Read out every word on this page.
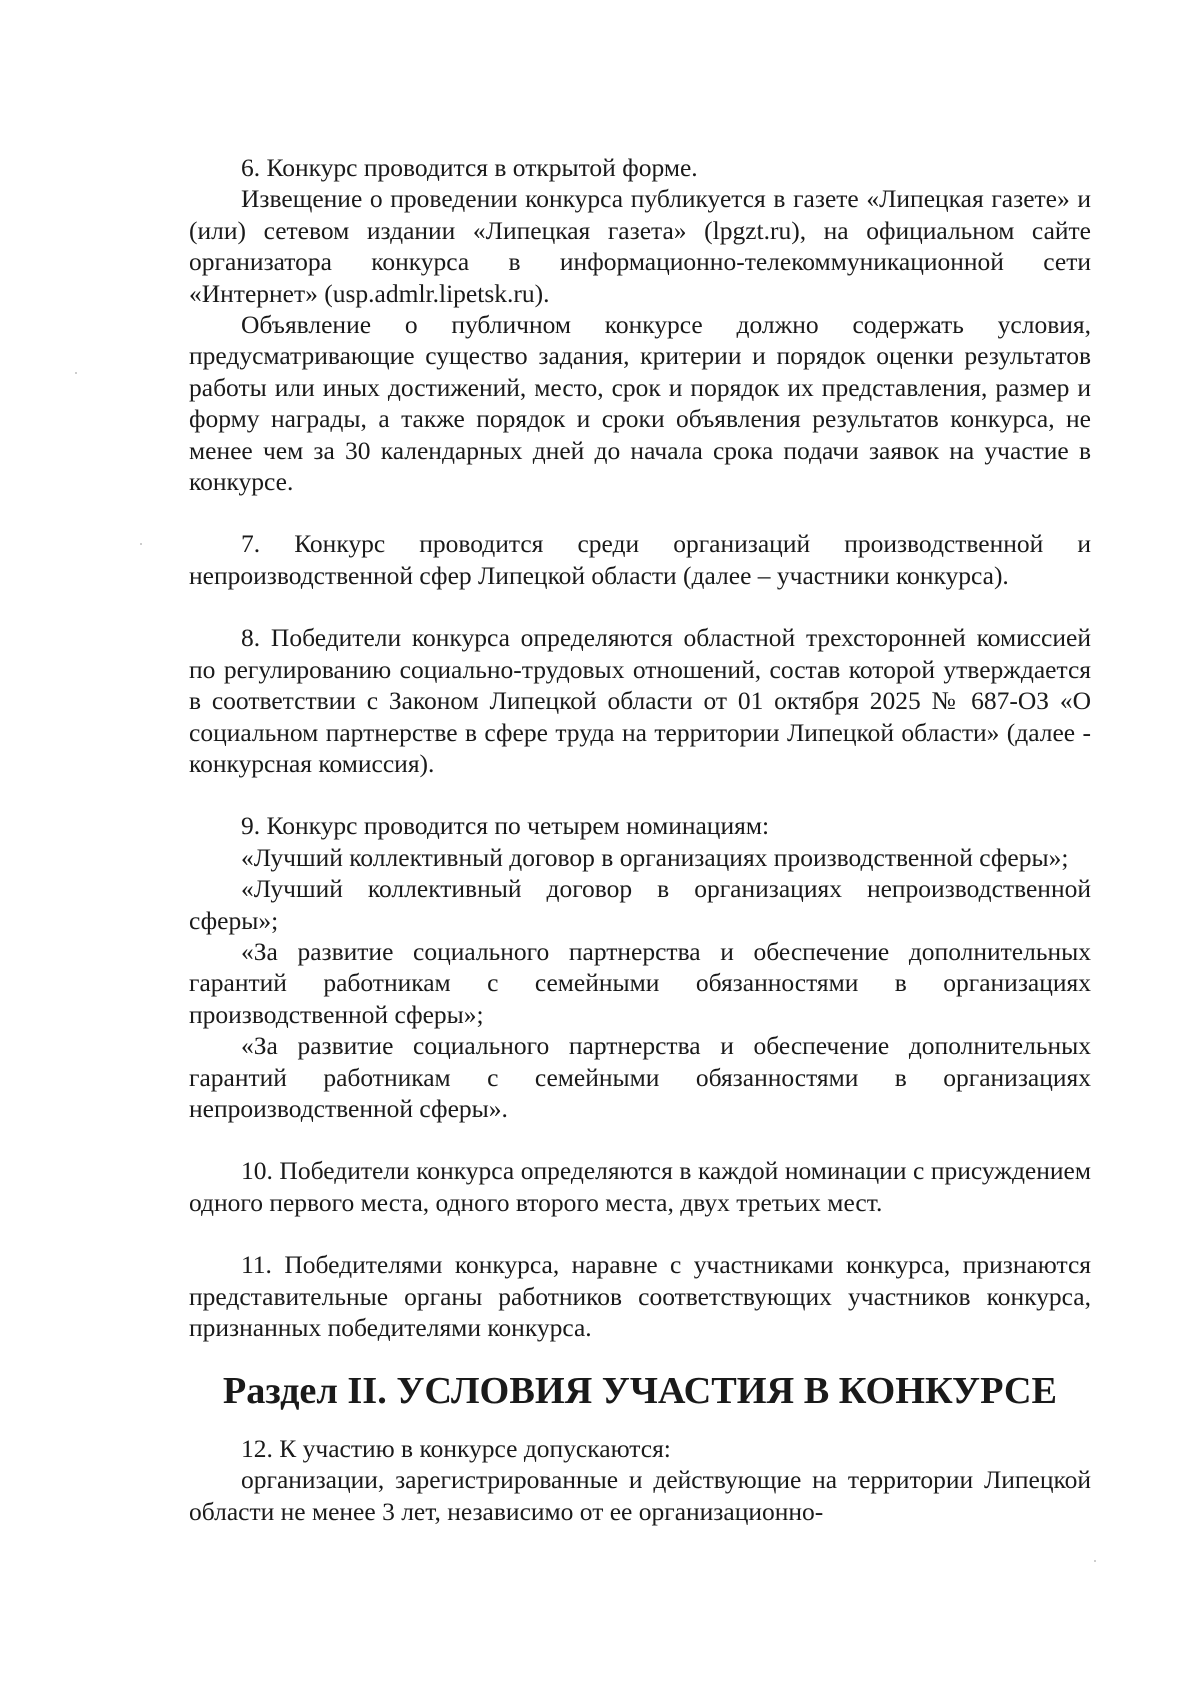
6. Конкурс проводится в открытой форме.

Извещение о проведении конкурса публикуется в газете «Липецкая газете» и (или) сетевом издании «Липецкая газета» (lpgzt.ru), на официальном сайте организатора конкурса в информационно-телекоммуникационной сети «Интернет» (usp.admlr.lipetsk.ru).

Объявление о публичном конкурсе должно содержать условия, предусматривающие существо задания, критерии и порядок оценки результатов работы или иных достижений, место, срок и порядок их представления, размер и форму награды, а также порядок и сроки объявления результатов конкурса, не менее чем за 30 календарных дней до начала срока подачи заявок на участие в конкурсе.

7. Конкурс проводится среди организаций производственной и непроизводственной сфер Липецкой области (далее – участники конкурса).

8. Победители конкурса определяются областной трехсторонней комиссией по регулированию социально-трудовых отношений, состав которой утверждается в соответствии с Законом Липецкой области от 01 октября 2025 № 687-ОЗ «О социальном партнерстве в сфере труда на территории Липецкой области» (далее - конкурсная комиссия).

9. Конкурс проводится по четырем номинациям:

«Лучший коллективный договор в организациях производственной сферы»;

«Лучший коллективный договор в организациях непроизводственной сферы»;

«За развитие социального партнерства и обеспечение дополнительных гарантий работникам с семейными обязанностями в организациях производственной сферы»;

«За развитие социального партнерства и обеспечение дополнительных гарантий работникам с семейными обязанностями в организациях непроизводственной сферы».

10. Победители конкурса определяются в каждой номинации с присуждением одного первого места, одного второго места, двух третьих мест.

11. Победителями конкурса, наравне с участниками конкурса, признаются представительные органы работников соответствующих участников конкурса, признанных победителями конкурса.

Раздел II. УСЛОВИЯ УЧАСТИЯ В КОНКУРСЕ

12. К участию в конкурсе допускаются:

организации, зарегистрированные и действующие на территории Липецкой области не менее 3 лет, независимо от ее организационно-
